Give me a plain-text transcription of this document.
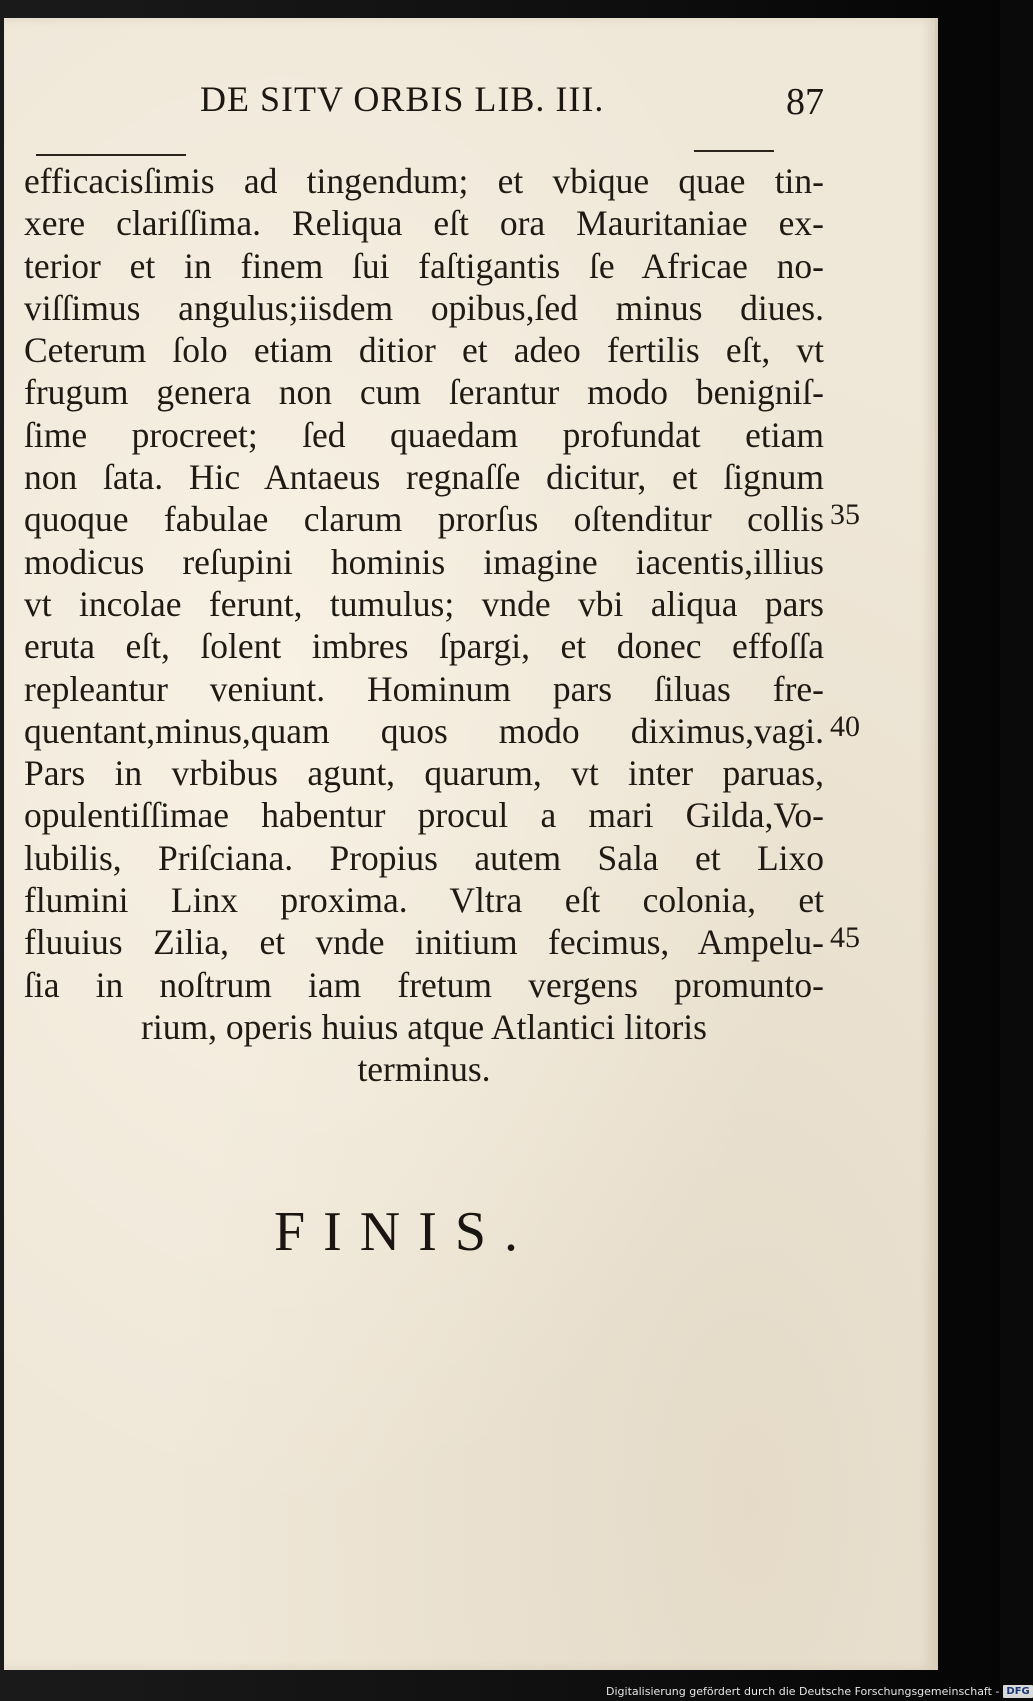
DE SITV ORBIS LIB. III.	87
efficacisſimis ad tingendum; et vbique quae tin-
xere clariſſima. Reliqua eſt ora Mauritaniae ex-
terior et in finem ſui faſtigantis ſe Africae no-
viſſimus angulus;iisdem opibus,ſed minus diues.
Ceterum ſolo etiam ditior et adeo fertilis eſt, vt
frugum genera non cum ſerantur modo benigniſ-
ſime procreet; ſed quaedam profundat etiam
non ſata. Hic Antaeus regnaſſe dicitur, et ſignum
quoque fabulae clarum prorſus oſtenditur collis
modicus reſupini hominis imagine iacentis,illius
vt incolae ferunt, tumulus; vnde vbi aliqua pars
eruta eſt, ſolent imbres ſpargi, et donec effoſſa
repleantur veniunt. Hominum pars ſiluas fre-
quentant,minus,quam quos modo diximus,vagi.
Pars in vrbibus agunt, quarum, vt inter paruas,
opulentiſſimae habentur procul a mari Gilda,Vo-
lubilis, Priſciana. Propius autem Sala et Lixo
flumini Linx proxima. Vltra eſt colonia, et
fluuius Zilia, et vnde initium fecimus, Ampelu-
ſia in noſtrum iam fretum vergens promunto-
rium, operis huius atque Atlantici litoris
terminus.
35
40
45
FINIS.
Digitalisierung gefördert durch die Deutsche Forschungsgemeinschaft - DFG
